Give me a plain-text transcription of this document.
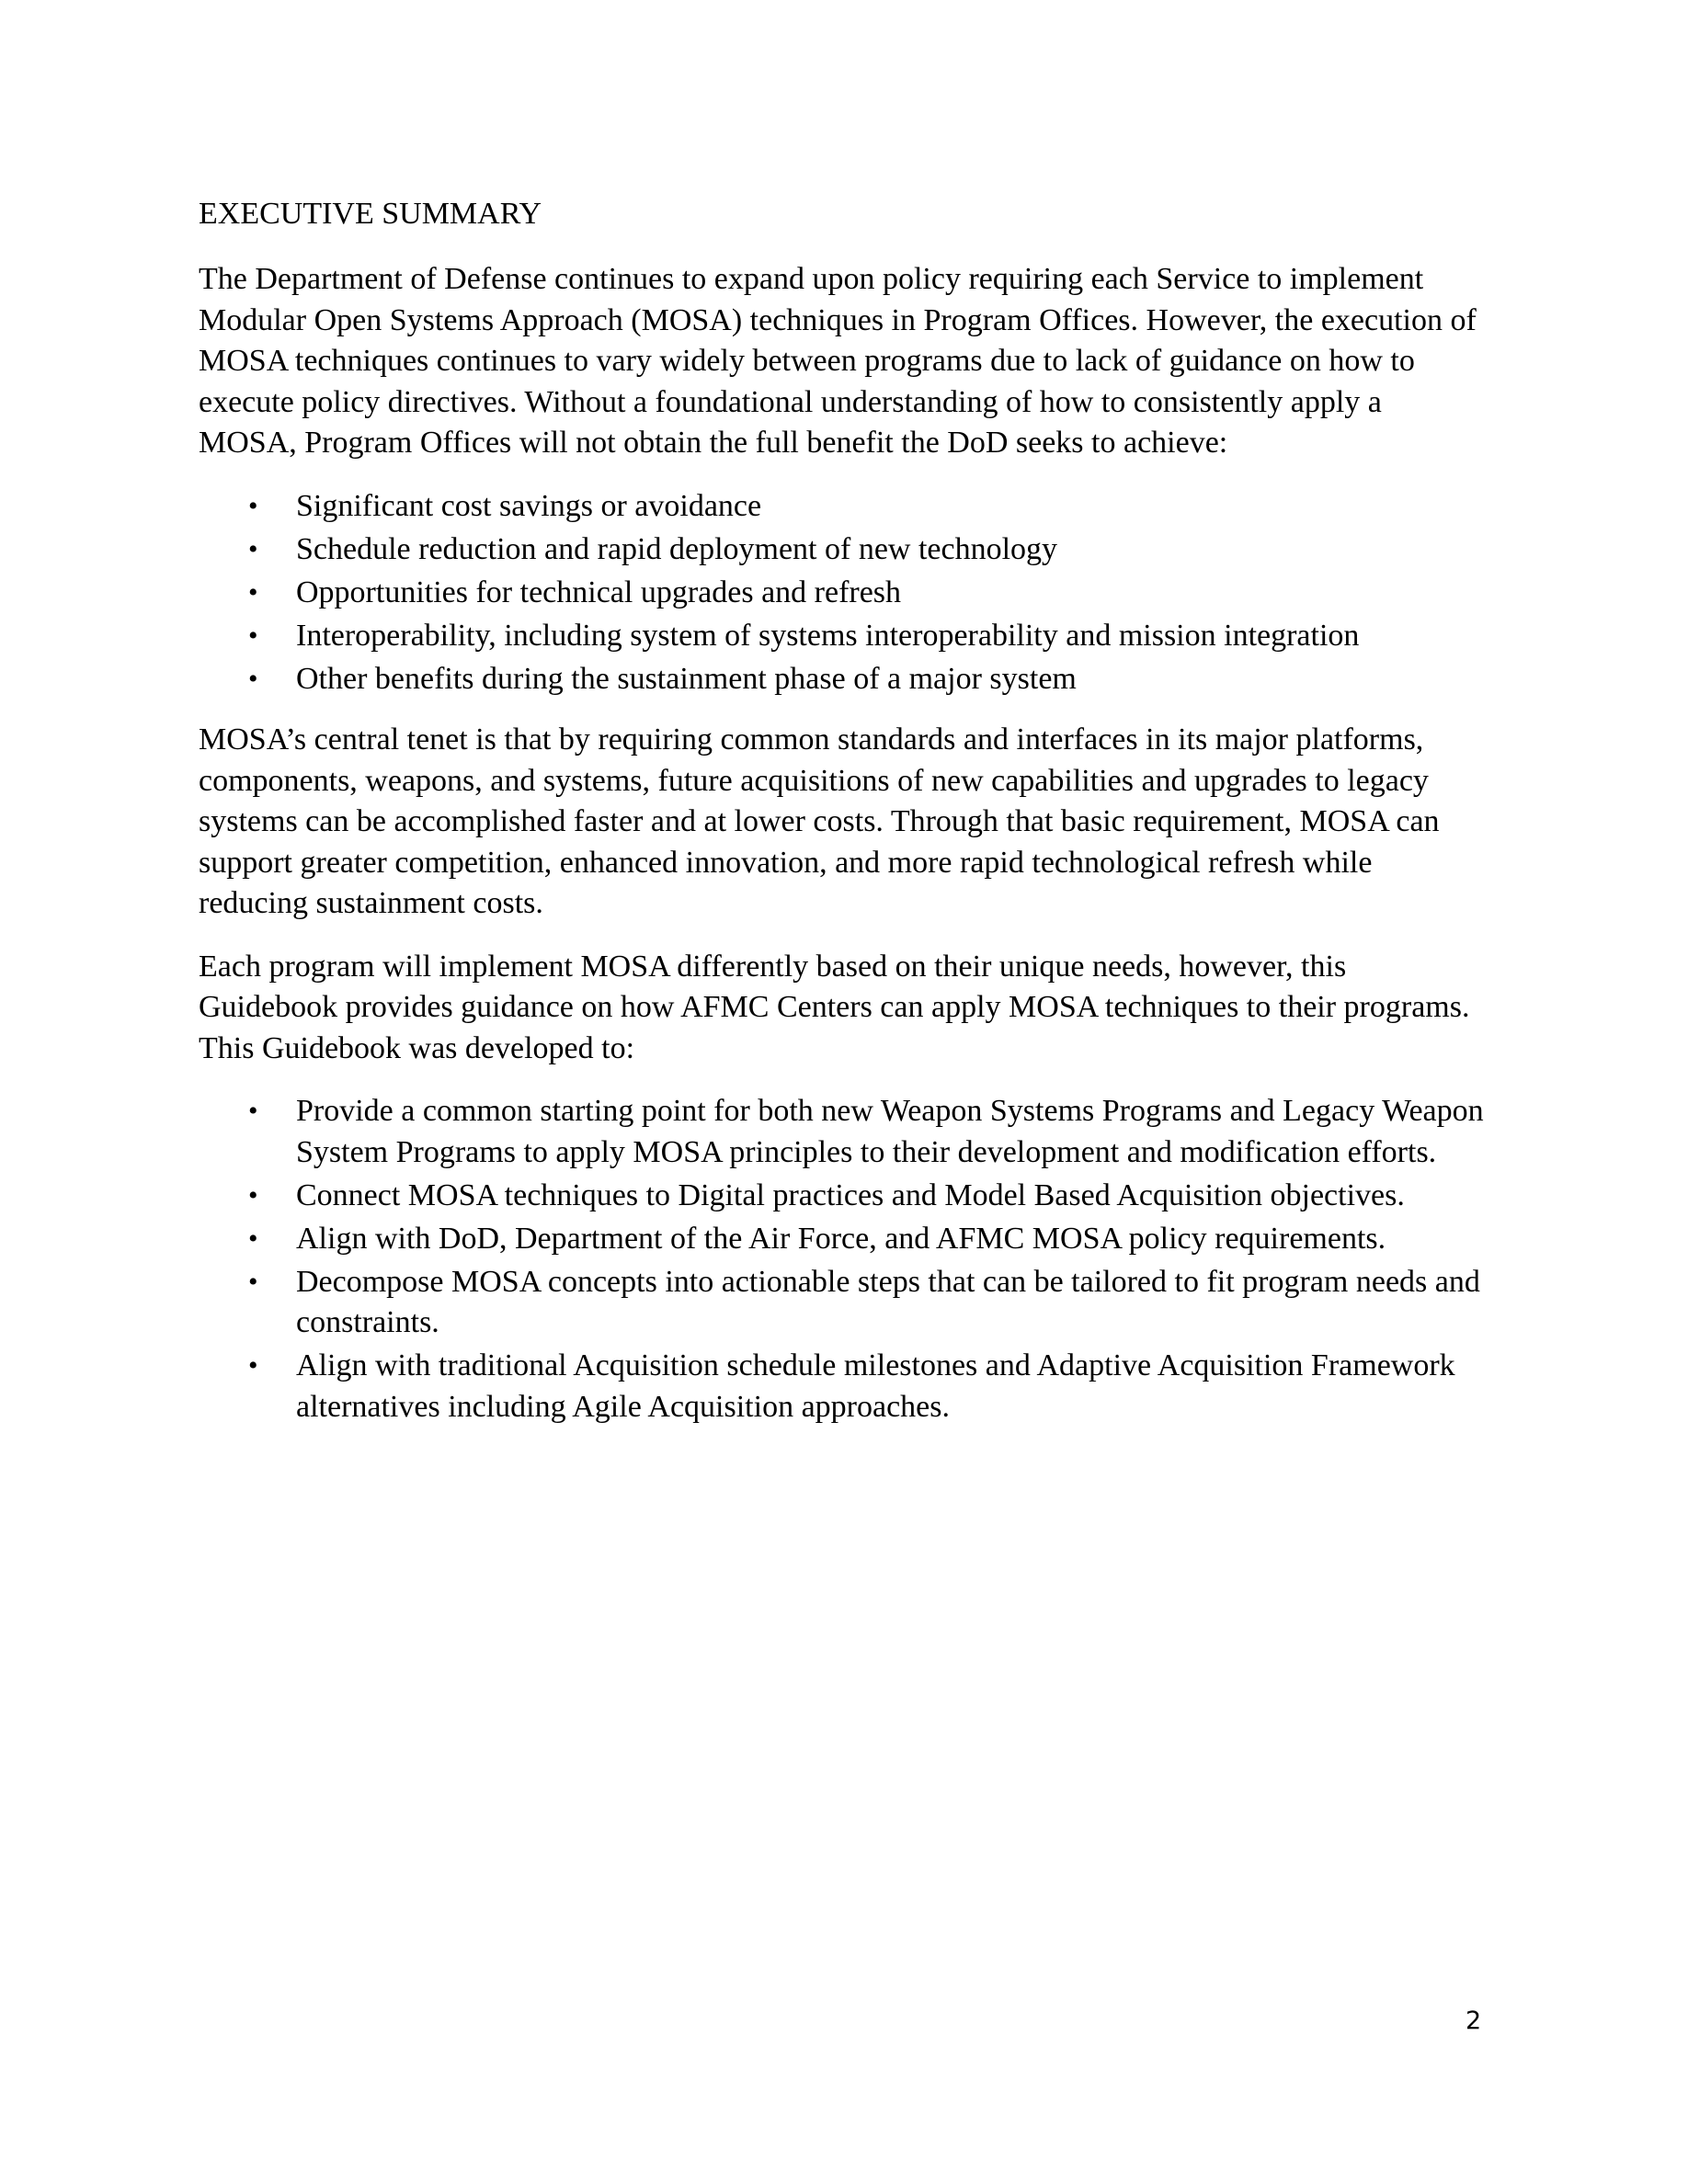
EXECUTIVE SUMMARY

The Department of Defense continues to expand upon policy requiring each Service to implement Modular Open Systems Approach (MOSA) techniques in Program Offices. However, the execution of MOSA techniques continues to vary widely between programs due to lack of guidance on how to execute policy directives. Without a foundational understanding of how to consistently apply a MOSA, Program Offices will not obtain the full benefit the DoD seeks to achieve:

• Significant cost savings or avoidance
• Schedule reduction and rapid deployment of new technology
• Opportunities for technical upgrades and refresh
• Interoperability, including system of systems interoperability and mission integration
• Other benefits during the sustainment phase of a major system

MOSA’s central tenet is that by requiring common standards and interfaces in its major platforms, components, weapons, and systems, future acquisitions of new capabilities and upgrades to legacy systems can be accomplished faster and at lower costs. Through that basic requirement, MOSA can support greater competition, enhanced innovation, and more rapid technological refresh while reducing sustainment costs.

Each program will implement MOSA differently based on their unique needs, however, this Guidebook provides guidance on how AFMC Centers can apply MOSA techniques to their programs. This Guidebook was developed to:

• Provide a common starting point for both new Weapon Systems Programs and Legacy Weapon System Programs to apply MOSA principles to their development and modification efforts.
• Connect MOSA techniques to Digital practices and Model Based Acquisition objectives.
• Align with DoD, Department of the Air Force, and AFMC MOSA policy requirements.
• Decompose MOSA concepts into actionable steps that can be tailored to fit program needs and constraints.
• Align with traditional Acquisition schedule milestones and Adaptive Acquisition Framework alternatives including Agile Acquisition approaches.
2
